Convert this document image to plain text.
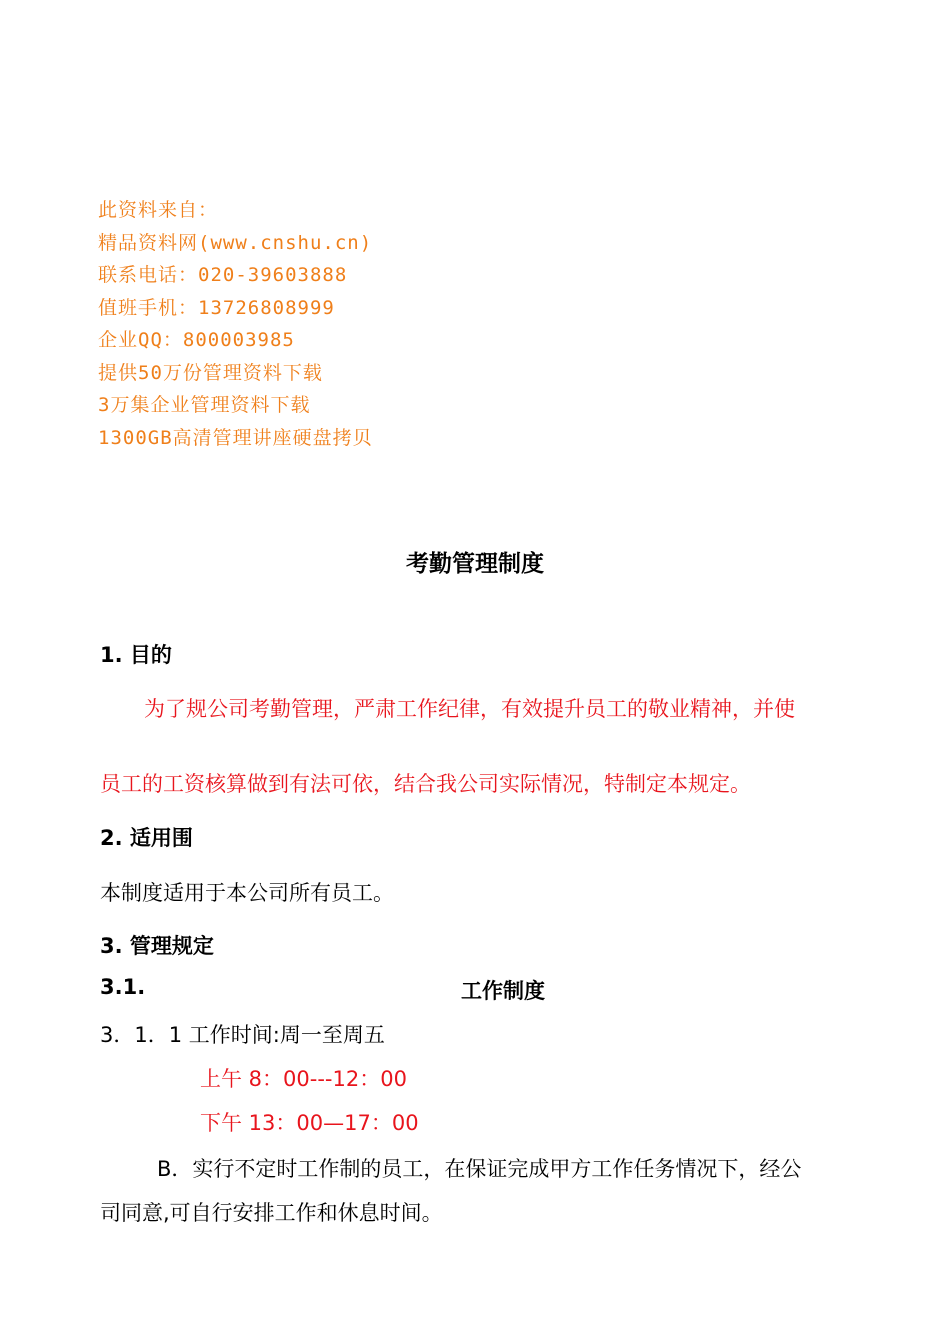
此资料来自：
精品资料网(www.cnshu.cn)
联系电话：020-39603888
值班手机：13726808999
企业QQ：800003985
提供50万份管理资料下载
3万集企业管理资料下载
1300GB高清管理讲座硬盘拷贝
考勤管理制度
1. 目的
为了规公司考勤管理，严肃工作纪律，有效提升员工的敬业精神，并使
员工的工资核算做到有法可依，结合我公司实际情况，特制定本规定。
2. 适用围
本制度适用于本公司所有员工。
3. 管理规定
3.1.	工作制度
3．1．1 工作时间:周一至周五
上午 8：00---12：00
下午 13：00—17：00
B．实行不定时工作制的员工，在保证完成甲方工作任务情况下，经公
司同意,可自行安排工作和休息时间。
